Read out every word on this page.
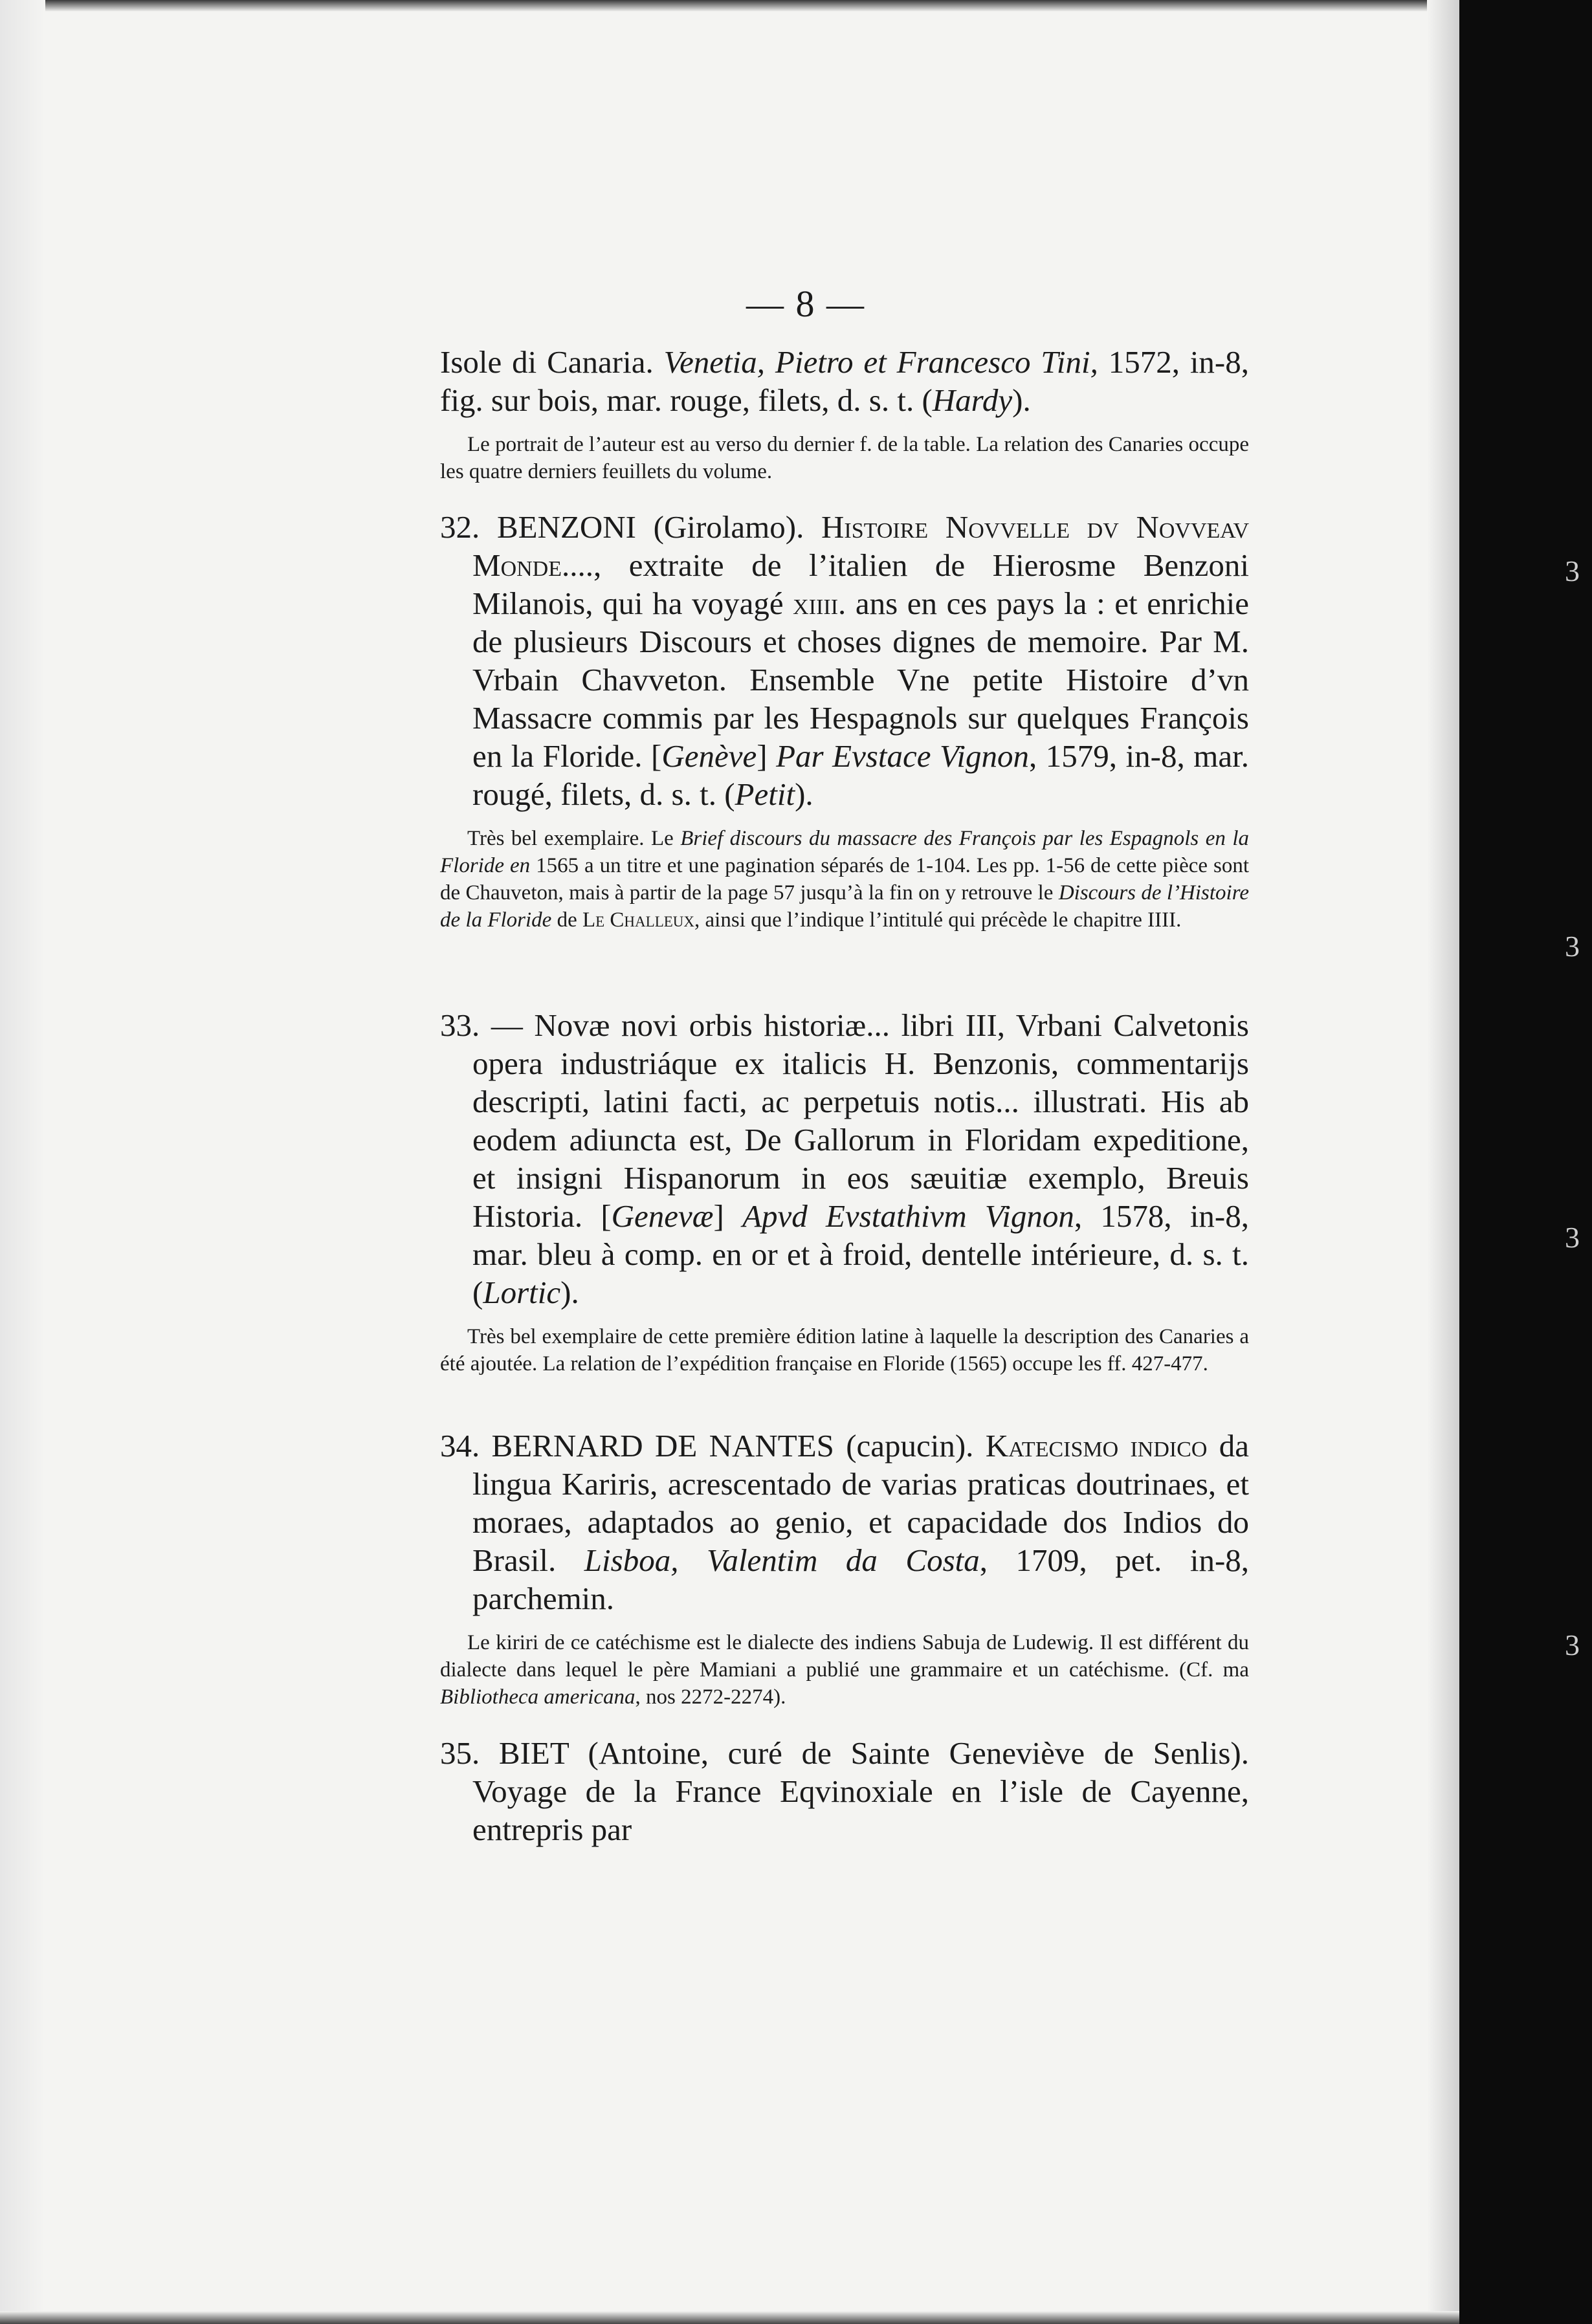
3
3
3
3
— 8 —

Isole di Canaria. Venetia, Pietro et Francesco Tini, 1572, in-8, fig. sur bois, mar. rouge, filets, d. s. t. (Hardy).

Le portrait de l’auteur est au verso du dernier f. de la table. La relation des Canaries occupe les quatre derniers feuillets du volume.

32. BENZONI (Girolamo). Histoire Novvelle dv Novveav Monde...., extraite de l’italien de Hierosme Benzoni Milanois, qui ha voyagé xiiii. ans en ces pays la : et enrichie de plusieurs Discours et choses dignes de memoire. Par M. Vrbain Chavveton. Ensemble Vne petite Histoire d’vn Massacre commis par les Hespagnols sur quelques François en la Floride. [Genève] Par Evstace Vignon, 1579, in-8, mar. rougé, filets, d. s. t. (Petit).

Très bel exemplaire. Le Brief discours du massacre des François par les Espagnols en la Floride en 1565 a un titre et une pagination séparés de 1-104. Les pp. 1-56 de cette pièce sont de Chauveton, mais à partir de la page 57 jusqu’à la fin on y retrouve le Discours de l’Histoire de la Floride de Le Challeux, ainsi que l’indique l’intitulé qui précède le chapitre IIII.

33. — Novæ novi orbis historiæ... libri III, Vrbani Calvetonis opera industriáque ex italicis H. Benzonis, commentarijs descripti, latini facti, ac perpetuis notis... illustrati. His ab eodem adiuncta est, De Gallorum in Floridam expeditione, et insigni Hispanorum in eos sæuitiæ exemplo, Breuis Historia. [Genevæ] Apvd Evstathivm Vignon, 1578, in-8, mar. bleu à comp. en or et à froid, dentelle intérieure, d. s. t. (Lortic).

Très bel exemplaire de cette première édition latine à laquelle la description des Canaries a été ajoutée. La relation de l’expédition française en Floride (1565) occupe les ff. 427-477.

34. BERNARD DE NANTES (capucin). Katecismo indico da lingua Kariris, acrescentado de varias praticas doutrinaes, et moraes, adaptados ao genio, et capacidade dos Indios do Brasil. Lisboa, Valentim da Costa, 1709, pet. in-8, parchemin.

Le kiriri de ce catéchisme est le dialecte des indiens Sabuja de Ludewig. Il est différent du dialecte dans lequel le père Mamiani a publié une grammaire et un catéchisme. (Cf. ma Bibliotheca americana, nos 2272-2274).

35. BIET (Antoine, curé de Sainte Geneviève de Senlis). Voyage de la France Eqvinoxiale en l’isle de Cayenne, entrepris par
